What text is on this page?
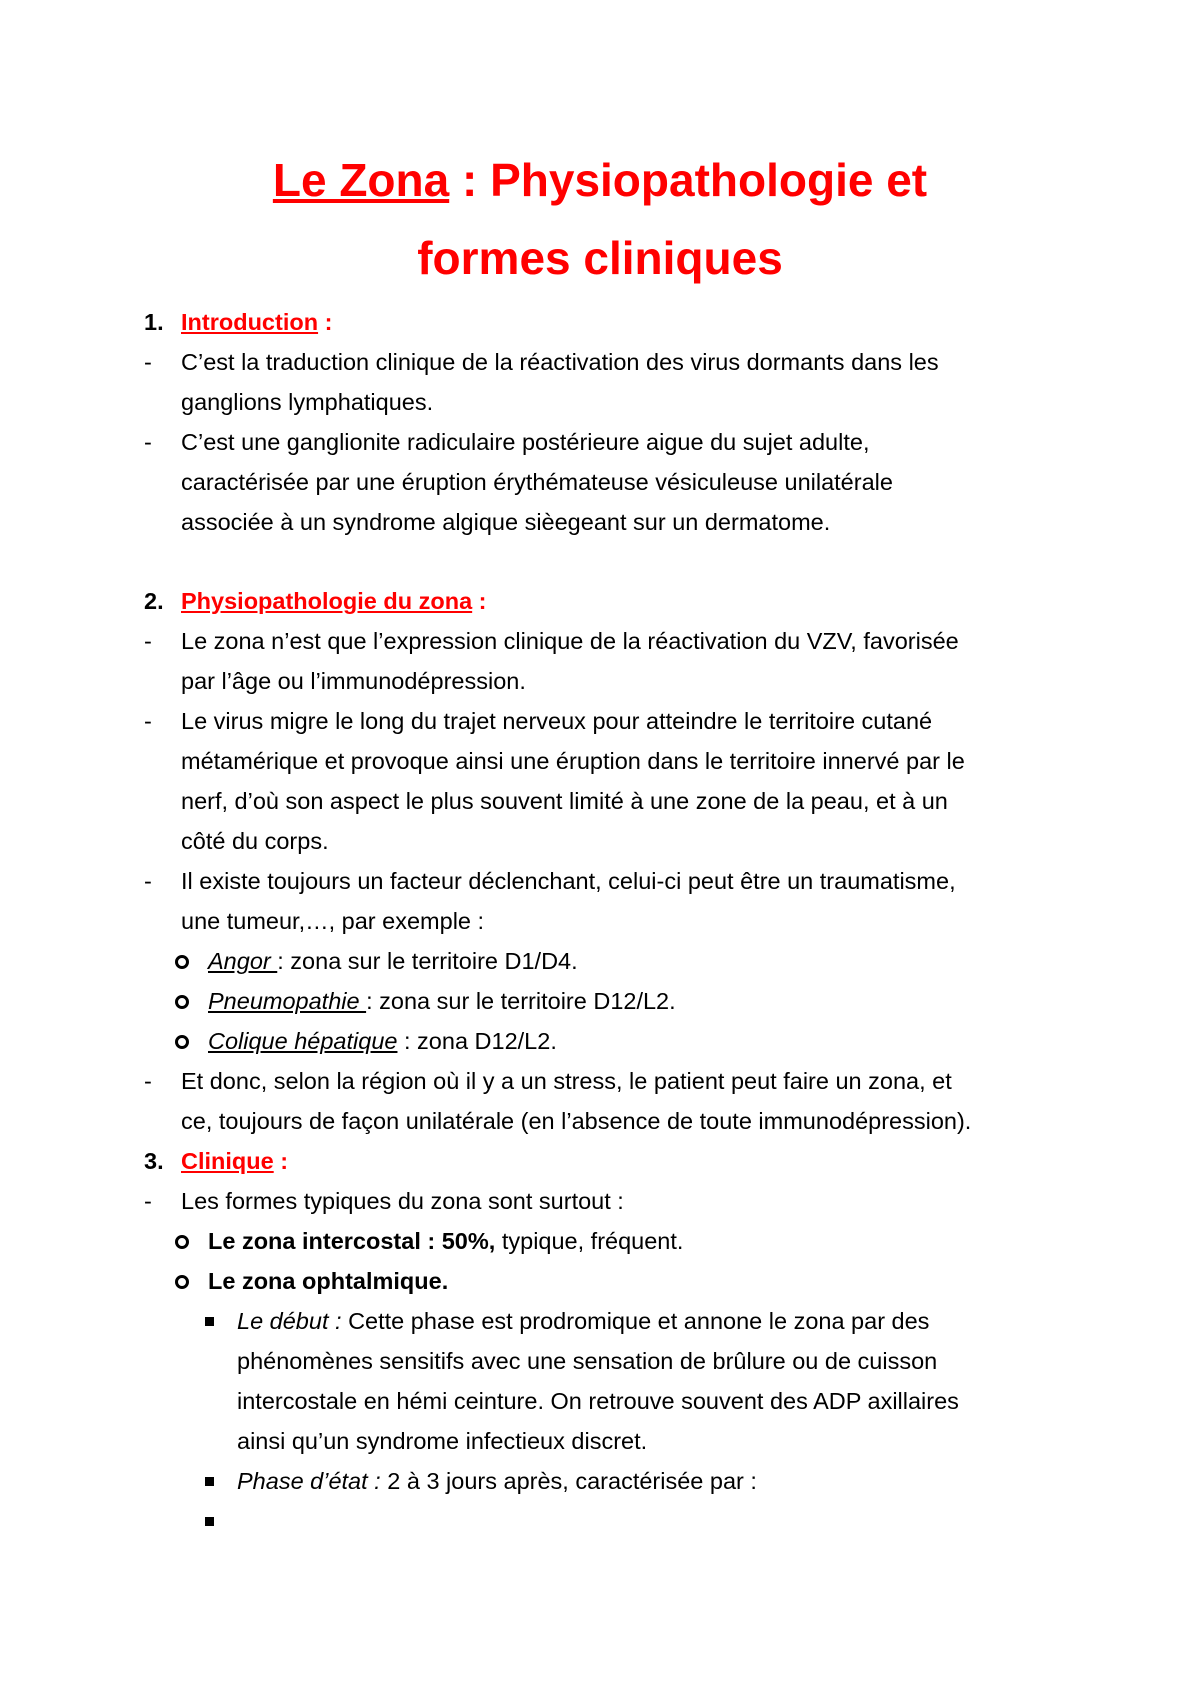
Le Zona : Physiopathologie et
formes cliniques
1. Introduction :
- C’est la traduction clinique de la réactivation des virus dormants dans les
ganglions lymphatiques.
- C’est une ganglionite radiculaire postérieure aigue du sujet adulte,
caractérisée par une éruption érythémateuse vésiculeuse unilatérale
associée à un syndrome algique sièegeant sur un dermatome.
2. Physiopathologie du zona :
- Le zona n’est que l’expression clinique de la réactivation du VZV, favorisée
par l’âge ou l’immunodépression.
- Le virus migre le long du trajet nerveux pour atteindre le territoire cutané
métamérique et provoque ainsi une éruption dans le territoire innervé par le
nerf, d’où son aspect le plus souvent limité à une zone de la peau, et à un
côté du corps.
- Il existe toujours un facteur déclenchant, celui-ci peut être un traumatisme,
une tumeur,…, par exemple :
Angor : zona sur le territoire D1/D4.
Pneumopathie : zona sur le territoire D12/L2.
Colique hépatique : zona D12/L2.
- Et donc, selon la région où il y a un stress, le patient peut faire un zona, et
ce, toujours de façon unilatérale (en l’absence de toute immunodépression).
3. Clinique :
- Les formes typiques du zona sont surtout :
Le zona intercostal : 50%, typique, fréquent.
Le zona ophtalmique.
Le début : Cette phase est prodromique et annone le zona par des
phénomènes sensitifs avec une sensation de brûlure ou de cuisson
intercostale en hémi ceinture. On retrouve souvent des ADP axillaires
ainsi qu’un syndrome infectieux discret.
Phase d’état : 2 à 3 jours après, caractérisée par :
